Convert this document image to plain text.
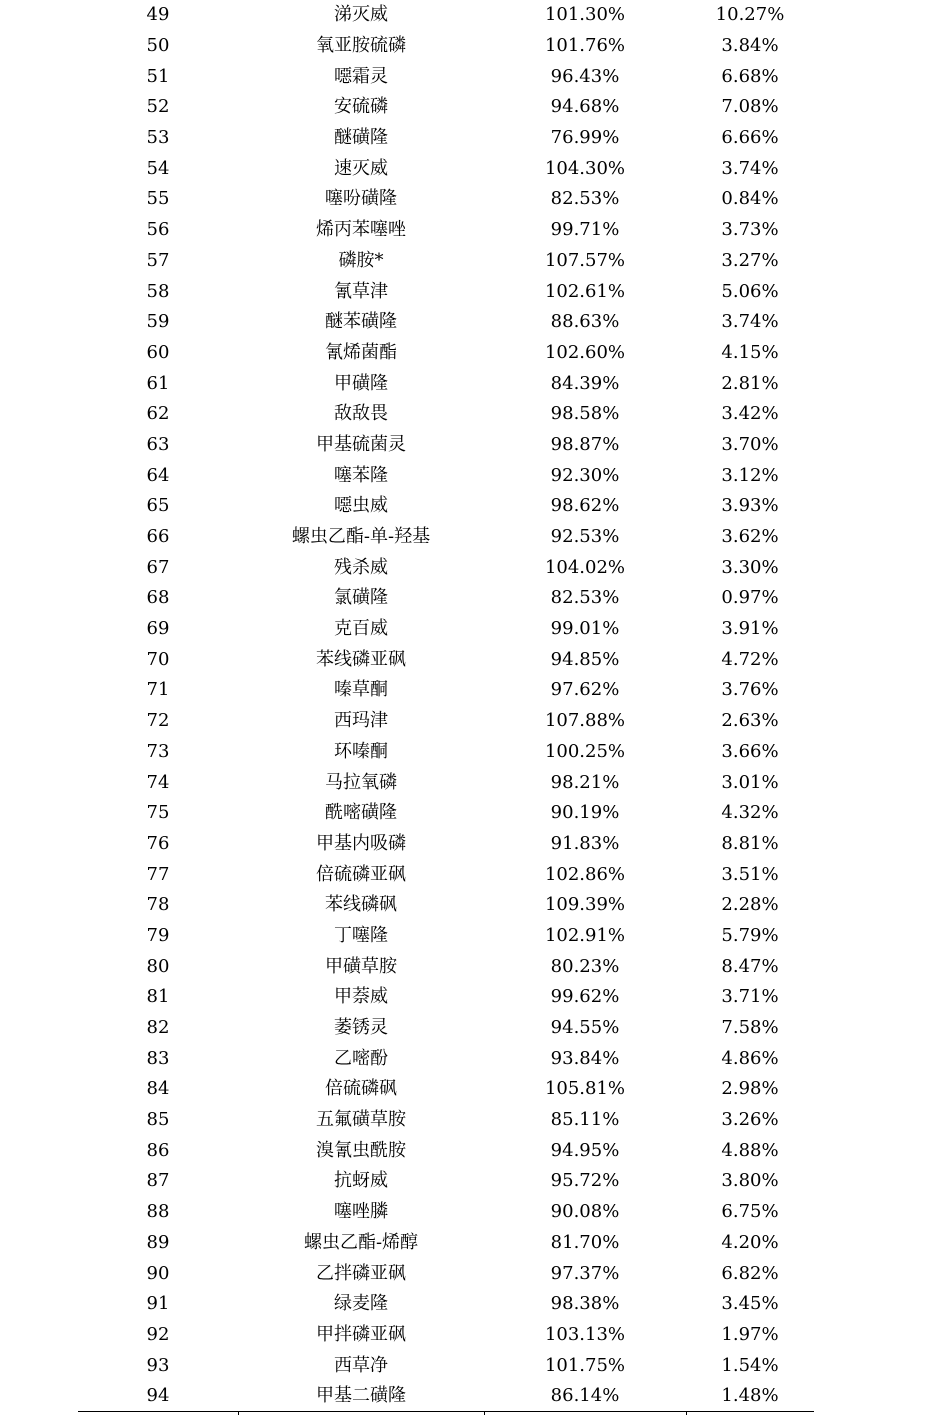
49	涕灭威	101.30%	10.27%
50	氧亚胺硫磷	101.76%	3.84%
51	噁霜灵	96.43%	6.68%
52	安硫磷	94.68%	7.08%
53	醚磺隆	76.99%	6.66%
54	速灭威	104.30%	3.74%
55	噻吩磺隆	82.53%	0.84%
56	烯丙苯噻唑	99.71%	3.73%
57	磷胺*	107.57%	3.27%
58	氰草津	102.61%	5.06%
59	醚苯磺隆	88.63%	3.74%
60	氰烯菌酯	102.60%	4.15%
61	甲磺隆	84.39%	2.81%
62	敌敌畏	98.58%	3.42%
63	甲基硫菌灵	98.87%	3.70%
64	噻苯隆	92.30%	3.12%
65	噁虫威	98.62%	3.93%
66	螺虫乙酯-单-羟基	92.53%	3.62%
67	残杀威	104.02%	3.30%
68	氯磺隆	82.53%	0.97%
69	克百威	99.01%	3.91%
70	苯线磷亚砜	94.85%	4.72%
71	嗪草酮	97.62%	3.76%
72	西玛津	107.88%	2.63%
73	环嗪酮	100.25%	3.66%
74	马拉氧磷	98.21%	3.01%
75	酰嘧磺隆	90.19%	4.32%
76	甲基内吸磷	91.83%	8.81%
77	倍硫磷亚砜	102.86%	3.51%
78	苯线磷砜	109.39%	2.28%
79	丁噻隆	102.91%	5.79%
80	甲磺草胺	80.23%	8.47%
81	甲萘威	99.62%	3.71%
82	萎锈灵	94.55%	7.58%
83	乙嘧酚	93.84%	4.86%
84	倍硫磷砜	105.81%	2.98%
85	五氟磺草胺	85.11%	3.26%
86	溴氰虫酰胺	94.95%	4.88%
87	抗蚜威	95.72%	3.80%
88	噻唑膦	90.08%	6.75%
89	螺虫乙酯-烯醇	81.70%	4.20%
90	乙拌磷亚砜	97.37%	6.82%
91	绿麦隆	98.38%	3.45%
92	甲拌磷亚砜	103.13%	1.97%
93	西草净	101.75%	1.54%
94	甲基二磺隆	86.14%	1.48%
